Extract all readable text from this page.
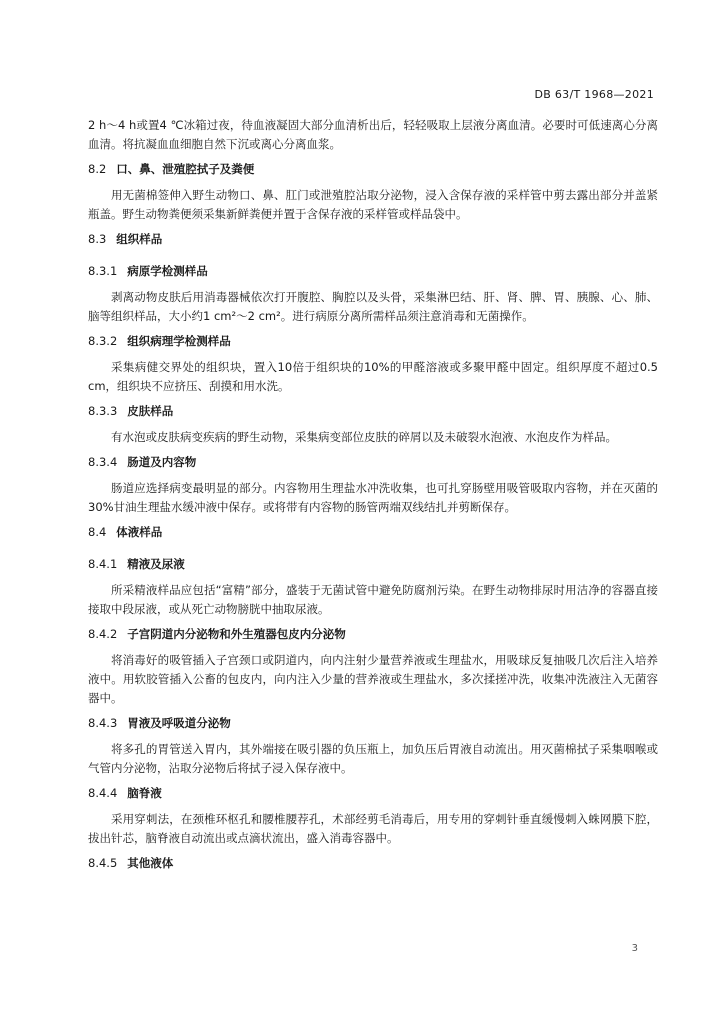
DB 63/T 1968—2021

2 h～4 h或置4 ℃冰箱过夜，待血液凝固大部分血清析出后，轻轻吸取上层液分离血清。必要时可低速离心分离血清。将抗凝血血细胞自然下沉或离心分离血浆。

8.2 口、鼻、泄殖腔拭子及粪便

用无菌棉签伸入野生动物口、鼻、肛门或泄殖腔沾取分泌物，浸入含保存液的采样管中剪去露出部分并盖紧瓶盖。野生动物粪便须采集新鲜粪便并置于含保存液的采样管或样品袋中。

8.3 组织样品
8.3.1 病原学检测样品

剥离动物皮肤后用消毒器械依次打开腹腔、胸腔以及头骨，采集淋巴结、肝、肾、脾、胃、胰腺、心、肺、脑等组织样品，大小约1 cm²～2 cm²。进行病原分离所需样品须注意消毒和无菌操作。

8.3.2 组织病理学检测样品

采集病健交界处的组织块，置入10倍于组织块的10%的甲醛溶液或多聚甲醛中固定。组织厚度不超过0.5 cm，组织块不应挤压、刮摸和用水洗。

8.3.3 皮肤样品

有水泡或皮肤病变疾病的野生动物，采集病变部位皮肤的碎屑以及未破裂水泡液、水泡皮作为样品。

8.3.4 肠道及内容物

肠道应选择病变最明显的部分。内容物用生理盐水冲洗收集，也可扎穿肠壁用吸管吸取内容物，并在灭菌的30%甘油生理盐水缓冲液中保存。或将带有内容物的肠管两端双线结扎并剪断保存。

8.4 体液样品
8.4.1 精液及尿液

所采精液样品应包括“富精”部分，盛装于无菌试管中避免防腐剂污染。在野生动物排尿时用洁净的容器直接接取中段尿液，或从死亡动物膀胱中抽取尿液。

8.4.2 子宫阴道内分泌物和外生殖器包皮内分泌物

将消毒好的吸管插入子宫颈口或阴道内，向内注射少量营养液或生理盐水，用吸球反复抽吸几次后注入培养液中。用软胶管插入公畜的包皮内，向内注入少量的营养液或生理盐水，多次揉搓冲洗，收集冲洗液注入无菌容器中。

8.4.3 胃液及呼吸道分泌物

将多孔的胃管送入胃内，其外端接在吸引器的负压瓶上，加负压后胃液自动流出。用灭菌棉拭子采集咽喉或气管内分泌物，沾取分泌物后将拭子浸入保存液中。

8.4.4 脑脊液

采用穿刺法，在颈椎环枢孔和腰椎腰荐孔，术部经剪毛消毒后，用专用的穿刺针垂直缓慢刺入蛛网膜下腔，拔出针芯，脑脊液自动流出或点滴状流出，盛入消毒容器中。

8.4.5 其他液体
3
